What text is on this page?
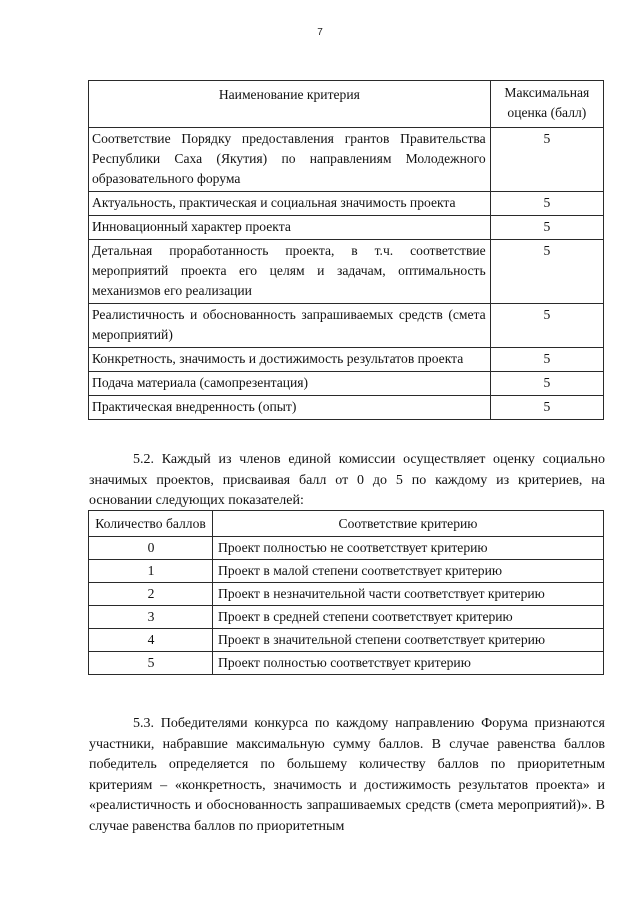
7
Наименование критерия	Максимальная оценка (балл)
Соответствие Порядку предоставления грантов Правительства Республики Саха (Якутия) по направлениям Молодежного образовательного форума	5
Актуальность, практическая и социальная значимость проекта	5
Инновационный характер проекта	5
Детальная проработанность проекта, в т.ч. соответствие мероприятий проекта его целям и задачам, оптимальность механизмов его реализации	5
Реалистичность и обоснованность запрашиваемых средств (смета мероприятий)	5
Конкретность, значимость и достижимость результатов проекта	5
Подача материала (самопрезентация)	5
Практическая внедренность (опыт)	5

5.2. Каждый из членов единой комиссии осуществляет оценку социально значимых проектов, присваивая балл от 0 до 5 по каждому из критериев, на основании следующих показателей:

Количество баллов	Соответствие критерию
0	Проект полностью не соответствует критерию
1	Проект в малой степени соответствует критерию
2	Проект в незначительной части соответствует критерию
3	Проект в средней степени соответствует критерию
4	Проект в значительной степени соответствует критерию
5	Проект полностью соответствует критерию

5.3. Победителями конкурса по каждому направлению Форума признаются участники, набравшие максимальную сумму баллов. В случае равенства баллов победитель определяется по большему количеству баллов по приоритетным критериям – «конкретность, значимость и достижимость результатов проекта» и «реалистичность и обоснованность запрашиваемых средств (смета мероприятий)». В случае равенства баллов по приоритетным
